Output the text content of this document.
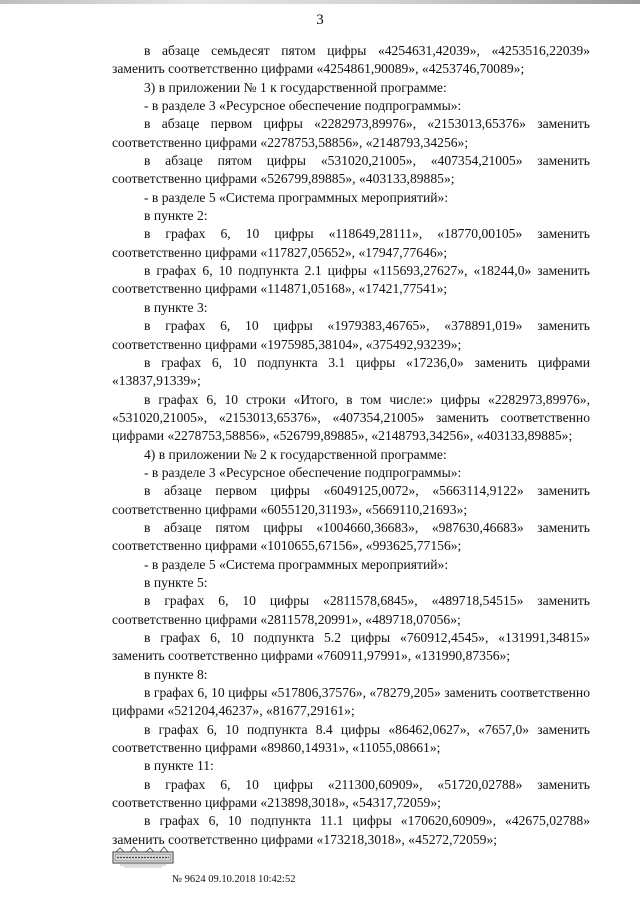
3

в абзаце семьдесят пятом цифры «4254631,42039», «4253516,22039» заменить соответственно цифрами «4254861,90089», «4253746,70089»;

3) в приложении № 1 к государственной программе:

- в разделе 3 «Ресурсное обеспечение подпрограммы»:

в абзаце первом цифры «2282973,89976», «2153013,65376» заменить соответственно цифрами «2278753,58856», «2148793,34256»;

в абзаце пятом цифры «531020,21005», «407354,21005» заменить соответственно цифрами «526799,89885», «403133,89885»;

- в разделе 5 «Система программных мероприятий»:

в пункте 2:

в графах 6, 10 цифры «118649,28111», «18770,00105» заменить соответственно цифрами «117827,05652», «17947,77646»;

в графах 6, 10 подпункта 2.1 цифры «115693,27627», «18244,0» заменить соответственно цифрами «114871,05168», «17421,77541»;

в пункте 3:

в графах 6, 10 цифры «1979383,46765», «378891,019» заменить соответственно цифрами «1975985,38104», «375492,93239»;

в графах 6, 10 подпункта 3.1 цифры «17236,0» заменить цифрами «13837,91339»;

в графах 6, 10 строки «Итого, в том числе:» цифры «2282973,89976», «531020,21005», «2153013,65376», «407354,21005» заменить соответственно цифрами «2278753,58856», «526799,89885», «2148793,34256», «403133,89885»;

4) в приложении № 2 к государственной программе:

- в разделе 3 «Ресурсное обеспечение подпрограммы»:

в абзаце первом цифры «6049125,0072», «5663114,9122» заменить соответственно цифрами «6055120,31193», «5669110,21693»;

в абзаце пятом цифры «1004660,36683», «987630,46683» заменить соответственно цифрами «1010655,67156», «993625,77156»;

- в разделе 5 «Система программных мероприятий»:

в пункте 5:

в графах 6, 10 цифры «2811578,6845», «489718,54515» заменить соответственно цифрами «2811578,20991», «489718,07056»;

в графах 6, 10 подпункта 5.2 цифры «760912,4545», «131991,34815» заменить соответственно цифрами «760911,97991», «131990,87356»;

в пункте 8:

в графах 6, 10 цифры «517806,37576», «78279,205» заменить соответственно цифрами «521204,46237», «81677,29161»;

в графах 6, 10 подпункта 8.4 цифры «86462,0627», «7657,0» заменить соответственно цифрами «89860,14931», «11055,08661»;

в пункте 11:

в графах 6, 10 цифры «211300,60909», «51720,02788» заменить соответственно цифрами «213898,3018», «54317,72059»;

в графах 6, 10 подпункта 11.1 цифры «170620,60909», «42675,02788» заменить соответственно цифрами «173218,3018», «45272,72059»;

№ 9624 09.10.2018 10:42:52
